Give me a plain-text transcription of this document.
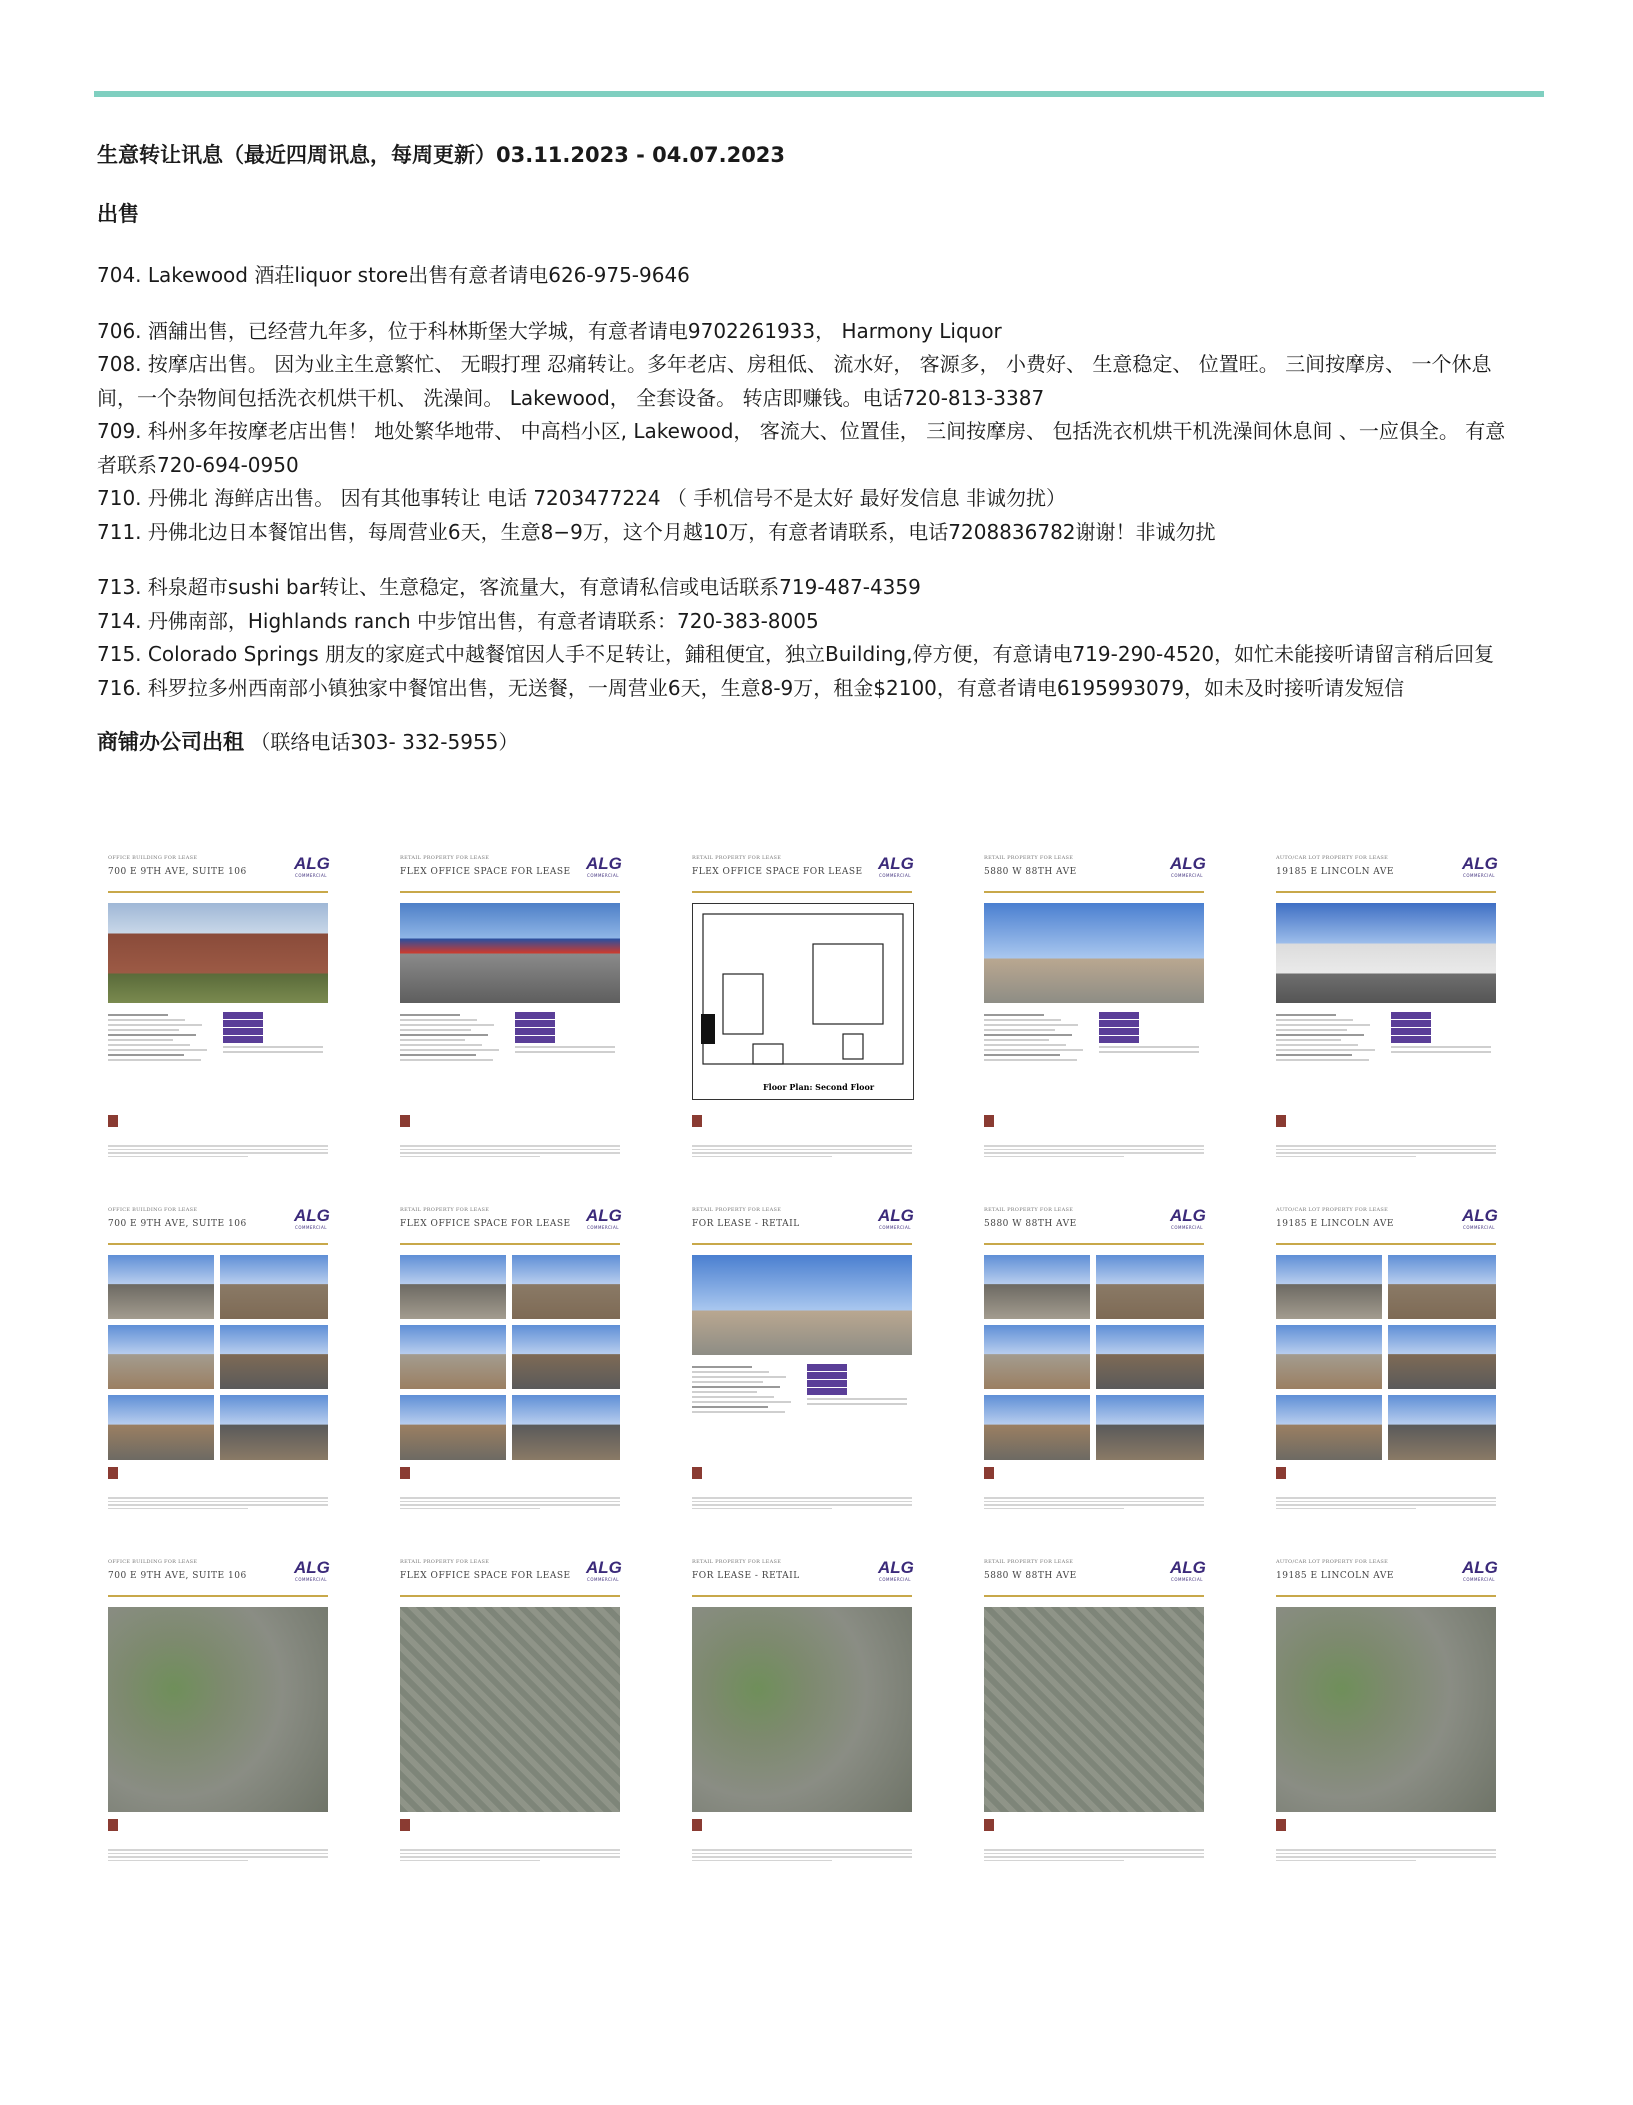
生意转让讯息（最近四周讯息，每周更新）03.11.2023 - 04.07.2023
出售

704. Lakewood 酒荘liquor store出售有意者请电626-975-9646

706. 酒舖出售，已经营九年多，位于科林斯堡大学城，有意者请电9702261933， Harmony Liquor

708. 按摩店出售。 因为业主生意繁忙、 无暇打理 忍痛转让。多年老店、房租低、 流水好， 客源多， 小费好、 生意稳定、 位置旺。 三间按摩房、 一个休息间，一个杂物间包括洗衣机烘干机、 洗澡间。 Lakewood， 全套设备。 转店即赚钱。电话720-813-3387

709. 科州多年按摩老店出售！ 地处繁华地带、 中高档小区, Lakewood， 客流大、位置佳， 三间按摩房、 包括洗衣机烘干机洗澡间休息间 、一应俱全。 有意者联系720-694-0950

710. 丹佛北 海鲜店出售。 因有其他事转让 电话 7203477224 （ 手机信号不是太好 最好发信息 非诚勿扰）

711. 丹佛北边日本餐馆出售，每周营业6天，生意8−9万，这个月越10万，有意者请联系，电话7208836782谢谢！非诚勿扰

713. 科泉超市sushi bar转让、生意稳定，客流量大，有意请私信或电话联系719-487-4359

714. 丹佛南部，Highlands ranch 中步馆出售，有意者请联系：720-383-8005

715. Colorado Springs 朋友的家庭式中越餐馆因人手不足转让，鋪租便宜，独立Building,停方便，有意请电719-290-4520，如忙未能接听请留言稍后回复

716. 科罗拉多州西南部小镇独家中餐馆出售，无送餐，一周营业6天，生意8-9万，租金$2100，有意者请电6195993079，如未及时接听请发短信

商铺办公司出租 （联络电话303- 332-5955）

OFFICE BUILDING FOR LEASE
700 E 9TH AVE, SUITE 106	ALG
COMMERCIAL
RETAIL PROPERTY FOR LEASE
FLEX OFFICE SPACE FOR LEASE ALG
COMMERCIAL
RETAIL PROPERTY FOR LEASE
FLEX OFFICE SPACE FOR LEASE ALG
COMMERCIAL
Floor Plan: Second Floor
RETAIL PROPERTY FOR LEASE
5880 W 88TH AVE	ALG
COMMERCIAL
AUTO/CAR LOT PROPERTY FOR LEASE
19185 E LINCOLN AVE	ALG
COMMERCIAL
OFFICE BUILDING FOR LEASE
700 E 9TH AVE, SUITE 106	ALG
COMMERCIAL
RETAIL PROPERTY FOR LEASE
FLEX OFFICE SPACE FOR LEASE ALG
COMMERCIAL
RETAIL PROPERTY FOR LEASE
FOR LEASE - RETAIL	ALG
COMMERCIAL
RETAIL PROPERTY FOR LEASE
5880 W 88TH AVE	ALG
COMMERCIAL
AUTO/CAR LOT PROPERTY FOR LEASE
19185 E LINCOLN AVE	ALG
COMMERCIAL
OFFICE BUILDING FOR LEASE
700 E 9TH AVE, SUITE 106	ALG
COMMERCIAL
RETAIL PROPERTY FOR LEASE
FLEX OFFICE SPACE FOR LEASE ALG
COMMERCIAL
RETAIL PROPERTY FOR LEASE
FOR LEASE - RETAIL	ALG
COMMERCIAL
RETAIL PROPERTY FOR LEASE
5880 W 88TH AVE	ALG
COMMERCIAL
AUTO/CAR LOT PROPERTY FOR LEASE
19185 E LINCOLN AVE	ALG
COMMERCIAL
